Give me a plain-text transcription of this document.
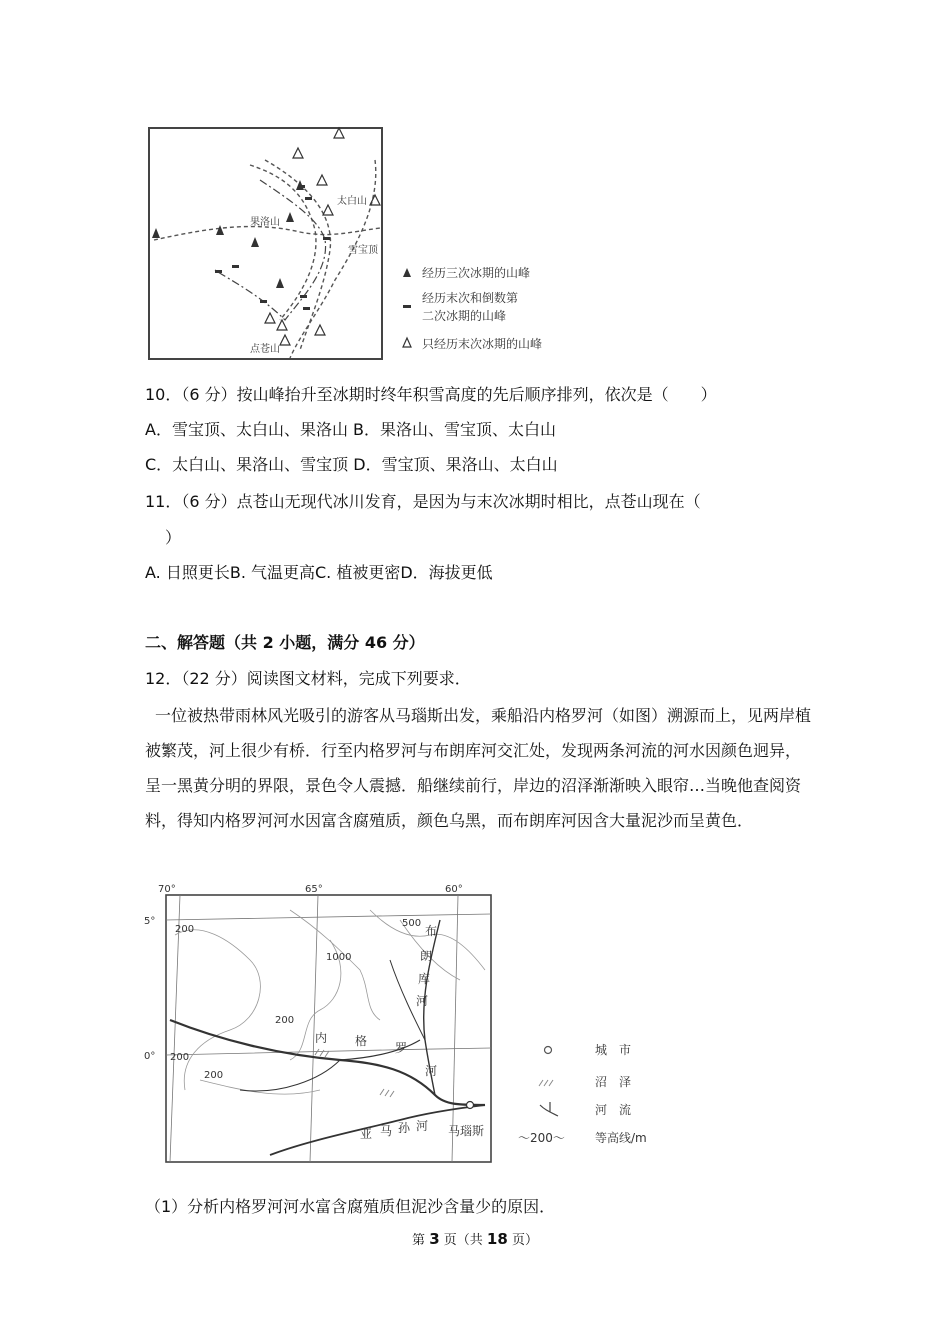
果洛山
太白山
雪宝顶
点苍山
经历三次冰期的山峰
经历末次和倒数第
二次冰期的山峰
只经历末次冰期的山峰
10．（6 分）按山峰抬升至冰期时终年积雪高度的先后顺序排列，依次是（　　）
A．雪宝顶、太白山、果洛山 B．果洛山、雪宝顶、太白山
C．太白山、果洛山、雪宝顶 D．雪宝顶、果洛山、太白山
11．（6 分）点苍山无现代冰川发育，是因为与末次冰期时相比，点苍山现在（
）
A. 日照更长B. 气温更高C. 植被更密D．海拔更低
二、解答题（共 2 小题，满分 46 分）
12．（22 分）阅读图文材料，完成下列要求．
一位被热带雨林风光吸引的游客从马瑙斯出发，乘船沿内格罗河（如图）溯源而上，见两岸植被繁茂，河上很少有桥．行至内格罗河与布朗库河交汇处，发现两条河流的河水因颜色迥异，呈一黑黄分明的界限，景色令人震撼．船继续前行，岸边的沼泽渐渐映入眼帘…当晚他查阅资料，得知内格罗河河水因富含腐殖质，颜色乌黑，而布朗库河因含大量泥沙而呈黄色．
70°	65°	60°
5°
0°
200
200
200
200
500
1000
内 格 罗
河
布
朗
库
河
亚 马 孙 河 马瑙斯
城　市
沼　泽
河　流
～200～	等高线/m
（1）分析内格罗河河水富含腐殖质但泥沙含量少的原因．
第 3 页（共 18 页）
